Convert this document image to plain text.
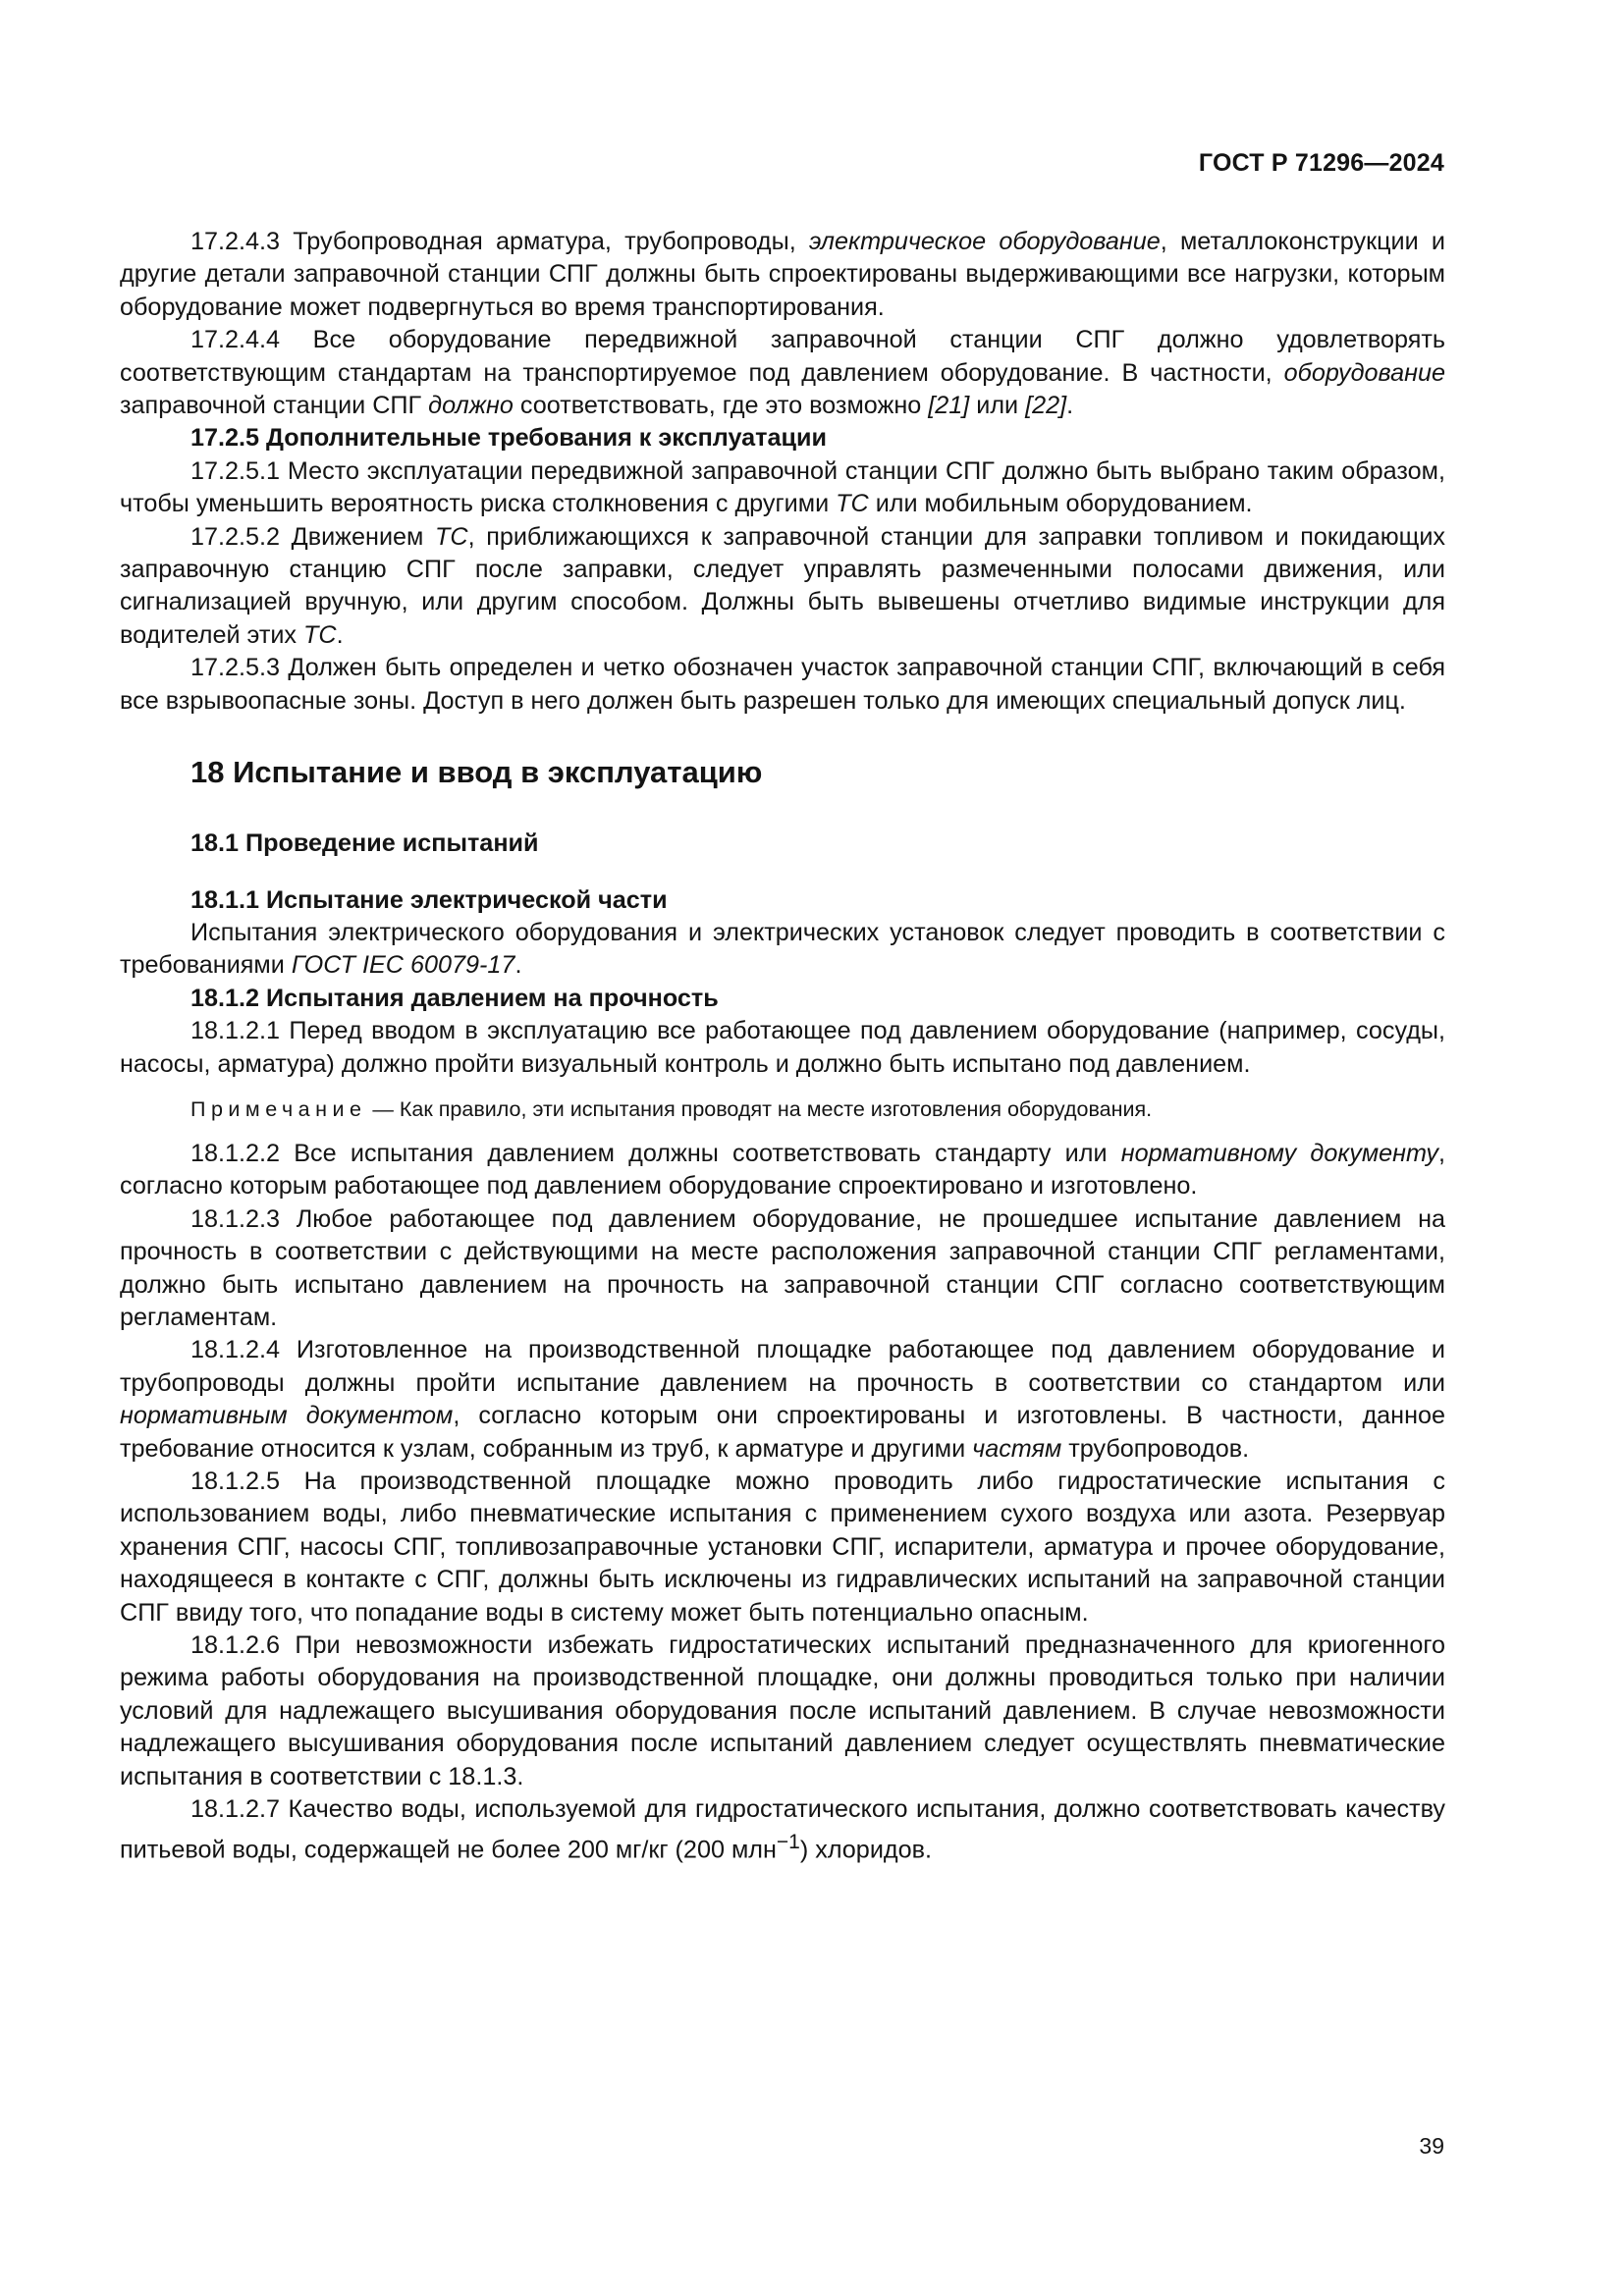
ГОСТ Р 71296—2024

17.2.4.3 Трубопроводная арматура, трубопроводы, электрическое оборудование, металлоконструкции и другие детали заправочной станции СПГ должны быть спроектированы выдерживающими все нагрузки, которым оборудование может подвергнуться во время транспортирования.

17.2.4.4 Все оборудование передвижной заправочной станции СПГ должно удовлетворять соответствующим стандартам на транспортируемое под давлением оборудование. В частности, оборудование заправочной станции СПГ должно соответствовать, где это возможно [21] или [22].

17.2.5 Дополнительные требования к эксплуатации

17.2.5.1 Место эксплуатации передвижной заправочной станции СПГ должно быть выбрано таким образом, чтобы уменьшить вероятность риска столкновения с другими ТС или мобильным оборудованием.

17.2.5.2 Движением ТС, приближающихся к заправочной станции для заправки топливом и покидающих заправочную станцию СПГ после заправки, следует управлять размеченными полосами движения, или сигнализацией вручную, или другим способом. Должны быть вывешены отчетливо видимые инструкции для водителей этих ТС.

17.2.5.3 Должен быть определен и четко обозначен участок заправочной станции СПГ, включающий в себя все взрывоопасные зоны. Доступ в него должен быть разрешен только для имеющих специальный допуск лиц.

18 Испытание и ввод в эксплуатацию
18.1 Проведение испытаний

18.1.1 Испытание электрической части

Испытания электрического оборудования и электрических установок следует проводить в соответствии с требованиями ГОСТ IEC 60079-17.

18.1.2 Испытания давлением на прочность

18.1.2.1 Перед вводом в эксплуатацию все работающее под давлением оборудование (например, сосуды, насосы, арматура) должно пройти визуальный контроль и должно быть испытано под давлением.

Примечание — Как правило, эти испытания проводят на месте изготовления оборудования.

18.1.2.2 Все испытания давлением должны соответствовать стандарту или нормативному документу, согласно которым работающее под давлением оборудование спроектировано и изготовлено.

18.1.2.3 Любое работающее под давлением оборудование, не прошедшее испытание давлением на прочность в соответствии с действующими на месте расположения заправочной станции СПГ регламентами, должно быть испытано давлением на прочность на заправочной станции СПГ согласно соответствующим регламентам.

18.1.2.4 Изготовленное на производственной площадке работающее под давлением оборудование и трубопроводы должны пройти испытание давлением на прочность в соответствии со стандартом или нормативным документом, согласно которым они спроектированы и изготовлены. В частности, данное требование относится к узлам, собранным из труб, к арматуре и другими частям трубопроводов.

18.1.2.5 На производственной площадке можно проводить либо гидростатические испытания с использованием воды, либо пневматические испытания с применением сухого воздуха или азота. Резервуар хранения СПГ, насосы СПГ, топливозаправочные установки СПГ, испарители, арматура и прочее оборудование, находящееся в контакте с СПГ, должны быть исключены из гидравлических испытаний на заправочной станции СПГ ввиду того, что попадание воды в систему может быть потенциально опасным.

18.1.2.6 При невозможности избежать гидростатических испытаний предназначенного для криогенного режима работы оборудования на производственной площадке, они должны проводиться только при наличии условий для надлежащего высушивания оборудования после испытаний давлением. В случае невозможности надлежащего высушивания оборудования после испытаний давлением следует осуществлять пневматические испытания в соответствии с 18.1.3.

18.1.2.7 Качество воды, используемой для гидростатического испытания, должно соответствовать качеству питьевой воды, содержащей не более 200 мг/кг (200 млн$^{-1}$) хлоридов.

39
